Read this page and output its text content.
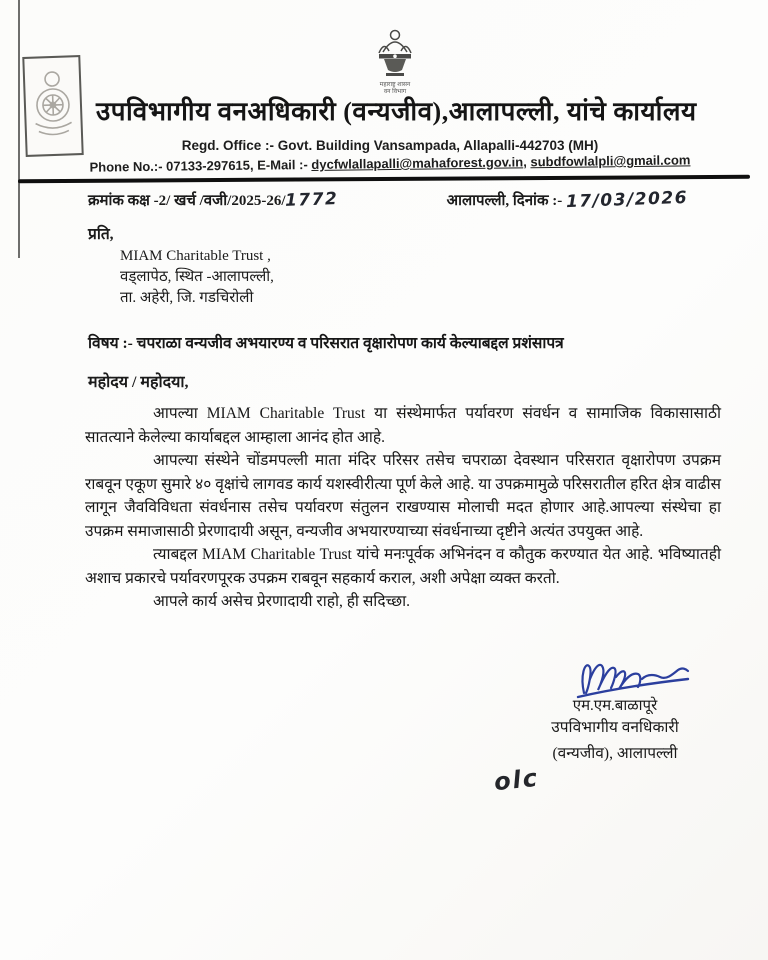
महाराष्ट्र शासन
वन विभाग
उपविभागीय वनअधिकारी (वन्यजीव),आलापल्ली, यांचे कार्यालय
Regd. Office :- Govt. Building Vansampada, Allapalli-442703 (MH)
Phone No.:- 07133-297615, E-Mail :- dycfwlallapalli@mahaforest.gov.in, subdfowlalpli@gmail.com
क्रमांक कक्ष -2/ खर्च /वजी/2025-26/1772	आलापल्ली, दिनांक :- 17/03/2026
प्रति,
MIAM Charitable Trust ,
वड्लापेठ, स्थित -आलापल्ली,
ता. अहेरी, जि. गडचिरोली
विषय :- चपराळा वन्यजीव अभयारण्य व परिसरात वृक्षारोपण कार्य केल्याबद्दल प्रशंसापत्र
महोदय / महोदया,

आपल्या MIAM Charitable Trust या संस्थेमार्फत पर्यावरण संवर्धन व सामाजिक विकासासाठी सातत्याने केलेल्या कार्याबद्दल आम्हाला आनंद होत आहे.

आपल्या संस्थेने चोंडमपल्ली माता मंदिर परिसर तसेच चपराळा देवस्थान परिसरात वृक्षारोपण उपक्रम राबवून एकूण सुमारे ४० वृक्षांचे लागवड कार्य यशस्वीरीत्या पूर्ण केले आहे. या उपक्रमामुळे परिसरातील हरित क्षेत्र वाढीस लागून जैवविविधता संवर्धनास तसेच पर्यावरण संतुलन राखण्यास मोलाची मदत होणार आहे.आपल्या संस्थेचा हा उपक्रम समाजासाठी प्रेरणादायी असून, वन्यजीव अभयारण्याच्या संवर्धनाच्या दृष्टीने अत्यंत उपयुक्त आहे.

त्याबद्दल MIAM Charitable Trust यांचे मनःपूर्वक अभिनंदन व कौतुक करण्यात येत आहे. भविष्यातही अशाच प्रकारचे पर्यावरणपूरक उपक्रम राबवून सहकार्य कराल, अशी अपेक्षा व्यक्त करतो.

आपले कार्य असेच प्रेरणादायी राहो, ही सदिच्छा.

एम.एम.बाळापूरे
उपविभागीय वनधिकारी
(वन्यजीव), आलापल्ली
olc
